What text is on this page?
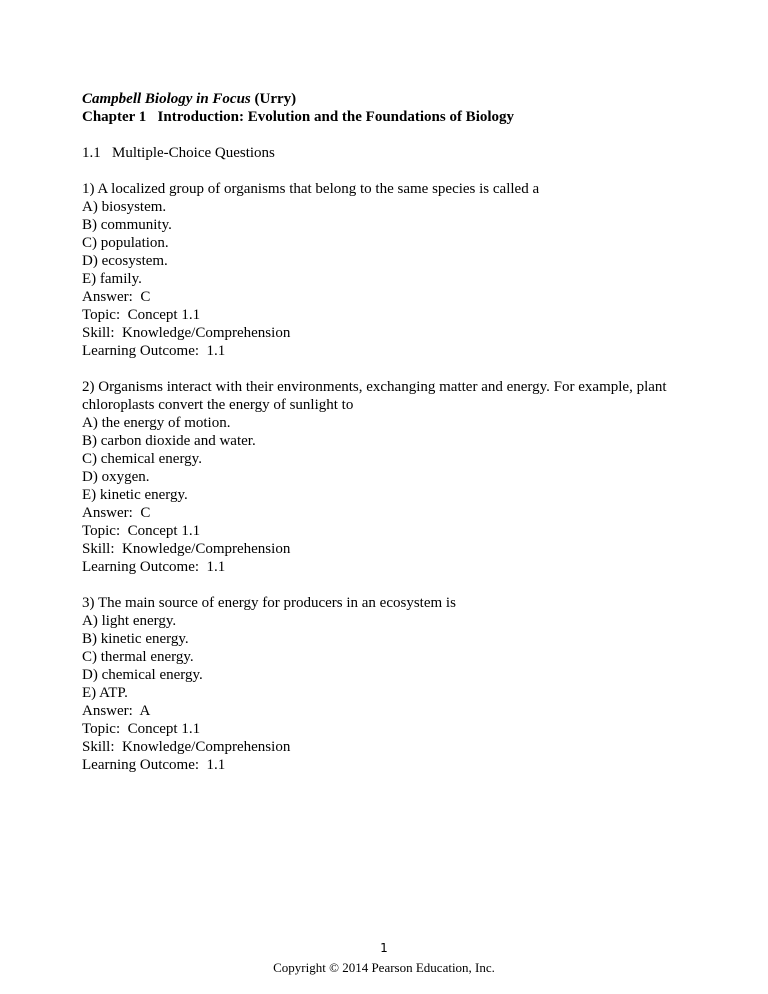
Campbell Biology in Focus (Urry)
Chapter 1   Introduction: Evolution and the Foundations of Biology
1.1   Multiple-Choice Questions
1) A localized group of organisms that belong to the same species is called a
A) biosystem.
B) community.
C) population.
D) ecosystem.
E) family.
Answer:  C
Topic:  Concept 1.1
Skill:  Knowledge/Comprehension
Learning Outcome:  1.1
2) Organisms interact with their environments, exchanging matter and energy. For example, plant chloroplasts convert the energy of sunlight to
A) the energy of motion.
B) carbon dioxide and water.
C) chemical energy.
D) oxygen.
E) kinetic energy.
Answer:  C
Topic:  Concept 1.1
Skill:  Knowledge/Comprehension
Learning Outcome:  1.1
3) The main source of energy for producers in an ecosystem is
A) light energy.
B) kinetic energy.
C) thermal energy.
D) chemical energy.
E) ATP.
Answer:  A
Topic:  Concept 1.1
Skill:  Knowledge/Comprehension
Learning Outcome:  1.1
1
Copyright © 2014 Pearson Education, Inc.
